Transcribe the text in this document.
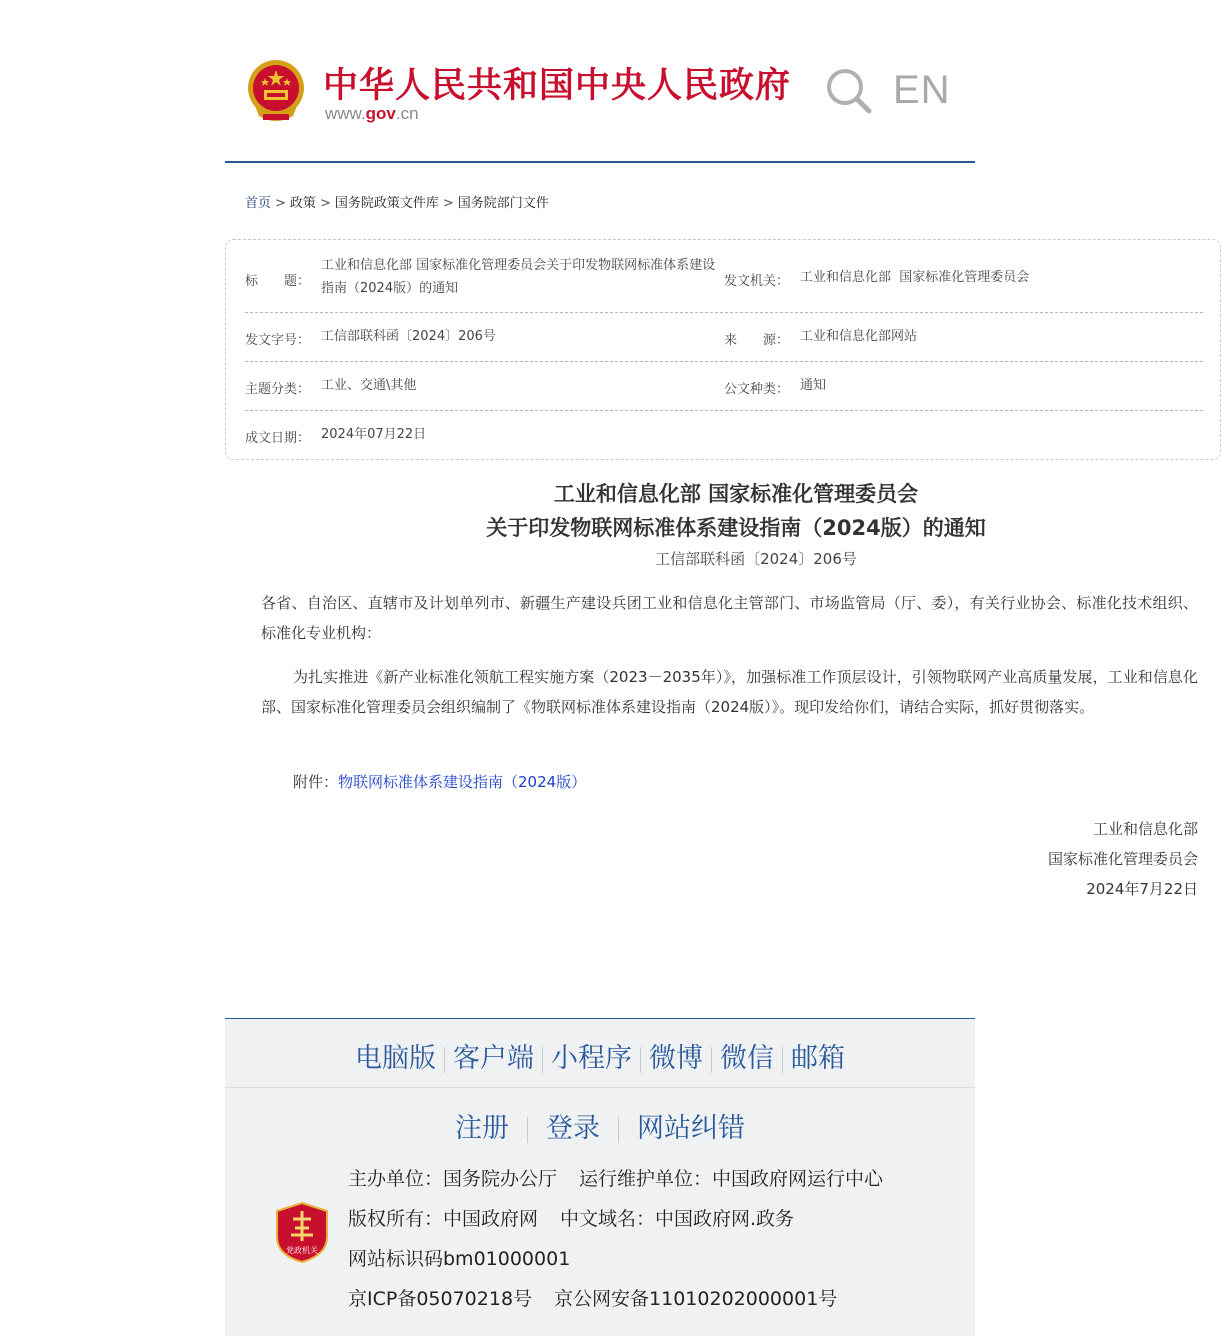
中华人民共和国中央人民政府
www.gov.cn
EN
首页 > 政策 > 国务院政策文件库 > 国务院部门文件
标　　题：
工业和信息化部 国家标准化管理委员会关于印发物联网标准体系建设指南（2024版）的通知	发文机关： 工业和信息化部  国家标准化管理委员会
发文字号： 工信部联科函〔2024〕206号	来　　源： 工业和信息化部网站
主题分类： 工业、交通\其他	公文种类： 通知
成文日期： 2024年07月22日
工业和信息化部 国家标准化管理委员会
关于印发物联网标准体系建设指南（2024版）的通知
工信部联科函〔2024〕206号
各省、自治区、直辖市及计划单列市、新疆生产建设兵团工业和信息化主管部门、市场监管局（厅、委），有关行业协会、标准化技术组织、标准化专业机构：
为扎实推进《新产业标准化领航工程实施方案（2023－2035年）》，加强标准工作顶层设计，引领物联网产业高质量发展，工业和信息化部、国家标准化管理委员会组织编制了《物联网标准体系建设指南（2024版）》。现印发给你们，请结合实际，抓好贯彻落实。
附件：物联网标准体系建设指南（2024版）
工业和信息化部
国家标准化管理委员会
2024年7月22日
电脑版 客户端 小程序 微博 微信 邮箱
注册 登录 网站纠错
党政机关
主办单位：国务院办公厅 运行维护单位：中国政府网运行中心
版权所有：中国政府网 中文域名：中国政府网.政务
网站标识码bm01000001
京ICP备05070218号 京公网安备11010202000001号
